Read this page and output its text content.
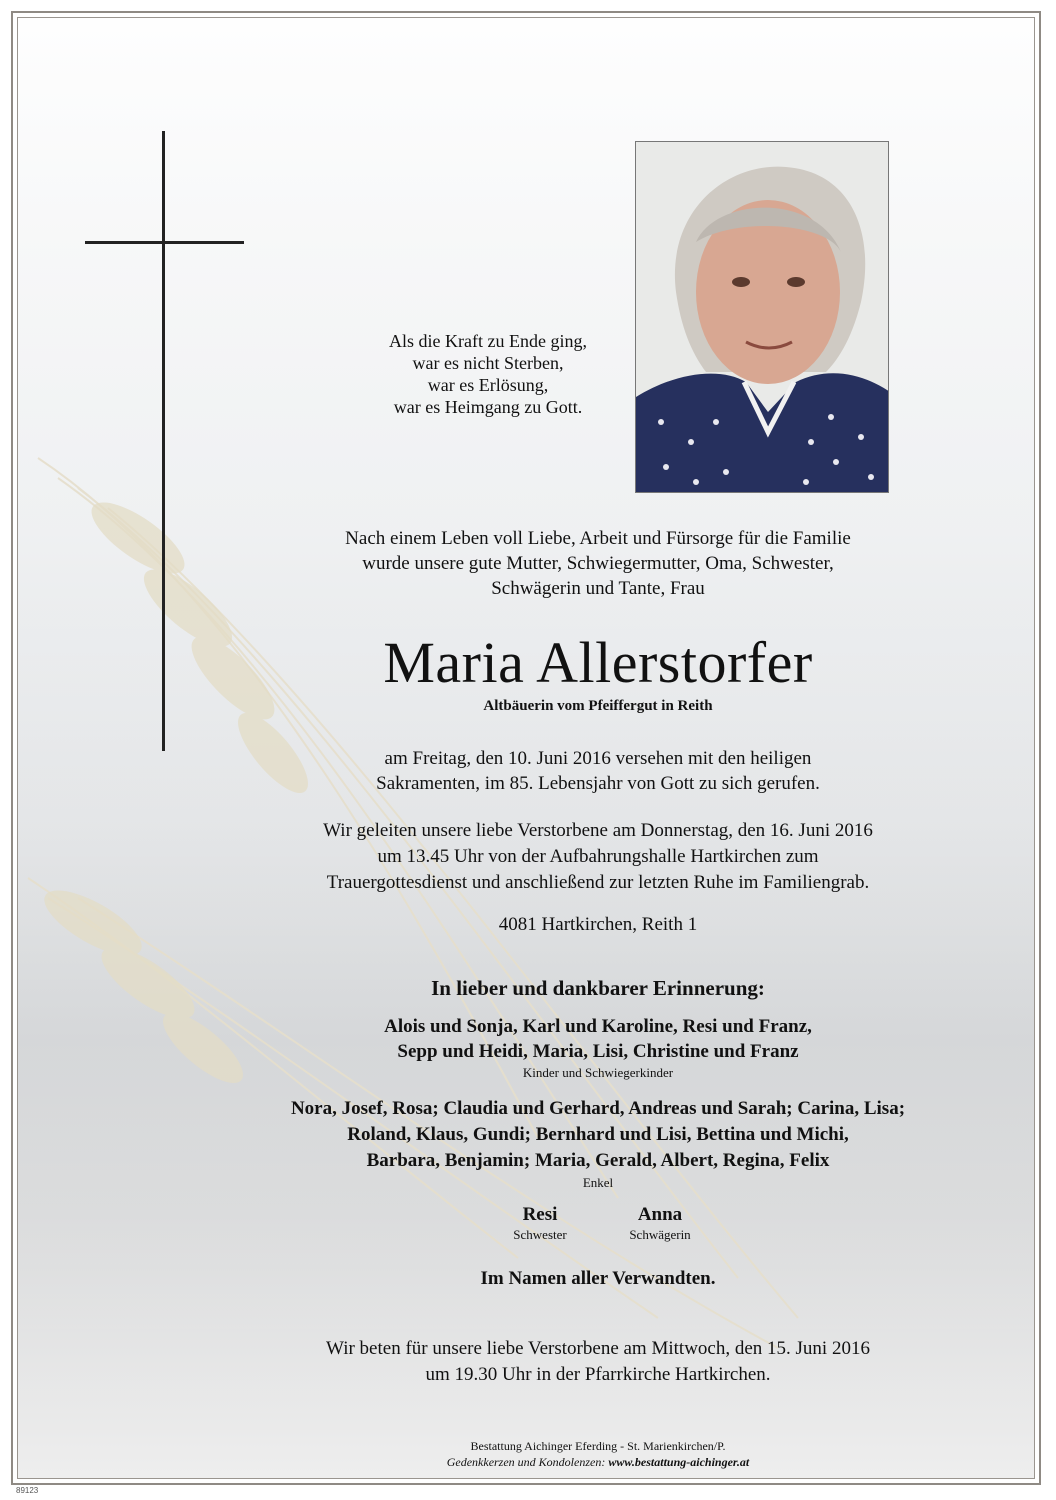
Als die Kraft zu Ende ging,
war es nicht Sterben,
war es Erlösung,
war es Heimgang zu Gott.
Nach einem Leben voll Liebe, Arbeit und Fürsorge für die Familie
wurde unsere gute Mutter, Schwiegermutter, Oma, Schwester,
Schwägerin und Tante, Frau
Maria Allerstorfer
Altbäuerin vom Pfeiffergut in Reith
am Freitag, den 10. Juni 2016 versehen mit den heiligen
Sakramenten, im 85. Lebensjahr von Gott zu sich gerufen.
Wir geleiten unsere liebe Verstorbene am Donnerstag, den 16. Juni 2016
um 13.45 Uhr von der Aufbahrungshalle Hartkirchen zum
Trauergottesdienst und anschließend zur letzten Ruhe im Familiengrab.
4081 Hartkirchen, Reith 1
In lieber und dankbarer Erinnerung:
Alois und Sonja, Karl und Karoline, Resi und Franz,
Sepp und Heidi, Maria, Lisi, Christine und Franz
Kinder und Schwiegerkinder
Nora, Josef, Rosa; Claudia und Gerhard, Andreas und Sarah; Carina, Lisa;
Roland, Klaus, Gundi; Bernhard und Lisi, Bettina und Michi,
Barbara, Benjamin; Maria, Gerald, Albert, Regina, Felix
Enkel
Resi
Schwester
Anna
Schwägerin
Im Namen aller Verwandten.
Wir beten für unsere liebe Verstorbene am Mittwoch, den 15. Juni 2016
um 19.30 Uhr in der Pfarrkirche Hartkirchen.
Bestattung Aichinger Eferding - St. Marienkirchen/P.
Gedenkkerzen und Kondolenzen: www.bestattung-aichinger.at
89123
